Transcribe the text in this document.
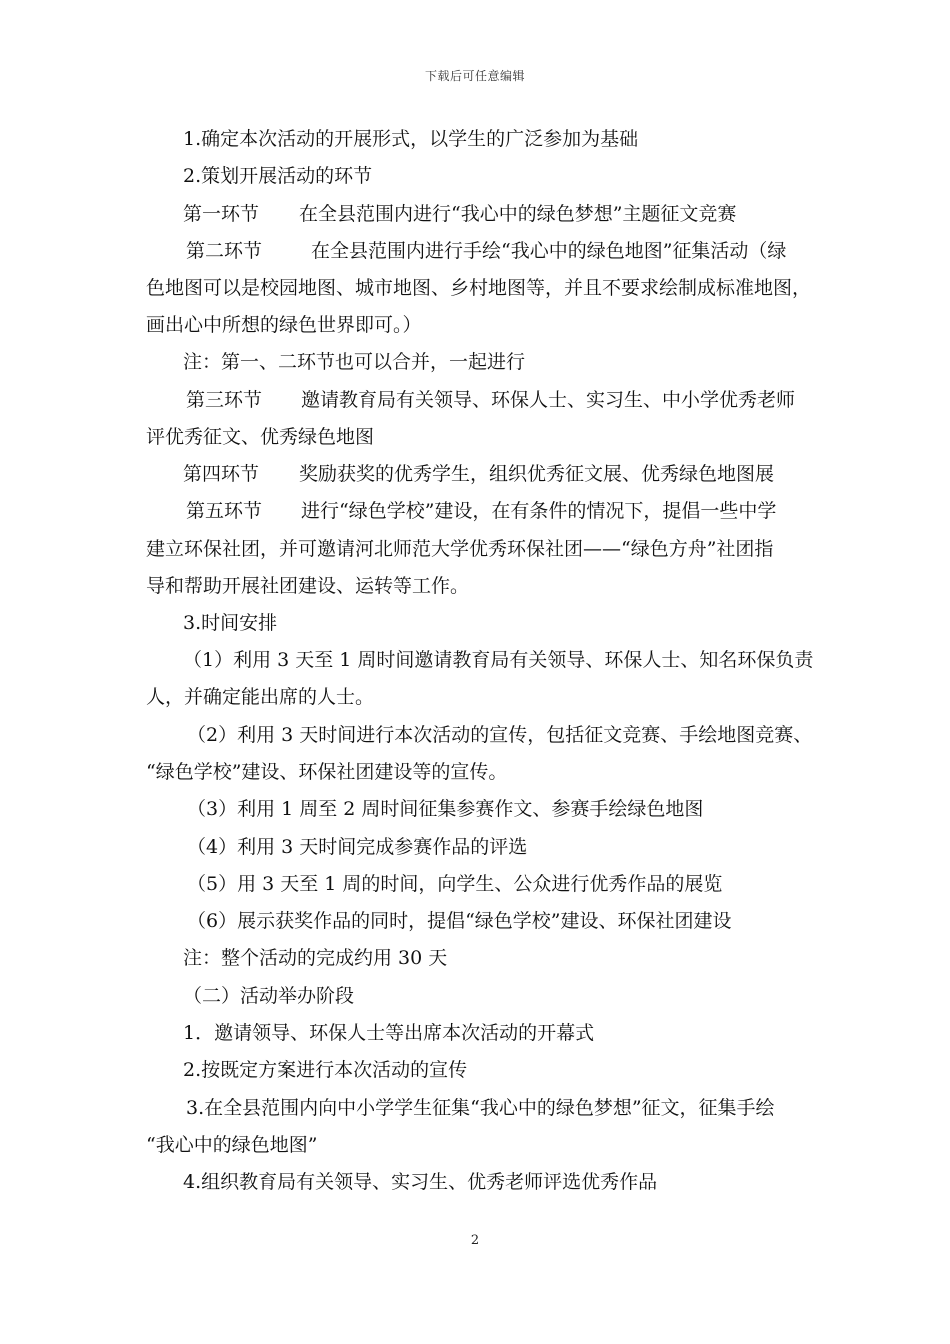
下载后可任意编辑
1.确定本次活动的开展形式，以学生的广泛参加为基础
2.策划开展活动的环节
第一环节 在全县范围内进行“我心中的绿色梦想”主题征文竞赛
第二环节	在全县范围内进行手绘“我心中的绿色地图”征集活动（绿
色地图可以是校园地图、城市地图、乡村地图等，并且不要求绘制成标准地图，
画出心中所想的绿色世界即可。）
注：第一、二环节也可以合并，一起进行
第三环节 邀请教育局有关领导、环保人士、实习生、中小学优秀老师
评优秀征文、优秀绿色地图
第四环节 奖励获奖的优秀学生，组织优秀征文展、优秀绿色地图展
第五环节 进行“绿色学校”建设，在有条件的情况下，提倡一些中学
建立环保社团，并可邀请河北师范大学优秀环保社团——“绿色方舟”社团指
导和帮助开展社团建设、运转等工作。
3.时间安排
（1）利用 3 天至 1 周时间邀请教育局有关领导、环保人士、知名环保负责
人，并确定能出席的人士。
（2）利用 3 天时间进行本次活动的宣传，包括征文竞赛、手绘地图竞赛、
“绿色学校”建设、环保社团建设等的宣传。
（3）利用 1 周至 2 周时间征集参赛作文、参赛手绘绿色地图
（4）利用 3 天时间完成参赛作品的评选
（5）用 3 天至 1 周的时间，向学生、公众进行优秀作品的展览
（6）展示获奖作品的同时，提倡“绿色学校”建设、环保社团建设
注：整个活动的完成约用 30 天
（二）活动举办阶段
1．邀请领导、环保人士等出席本次活动的开幕式
2.按既定方案进行本次活动的宣传
3.在全县范围内向中小学学生征集“我心中的绿色梦想”征文，征集手绘
“我心中的绿色地图”
4.组织教育局有关领导、实习生、优秀老师评选优秀作品
2
